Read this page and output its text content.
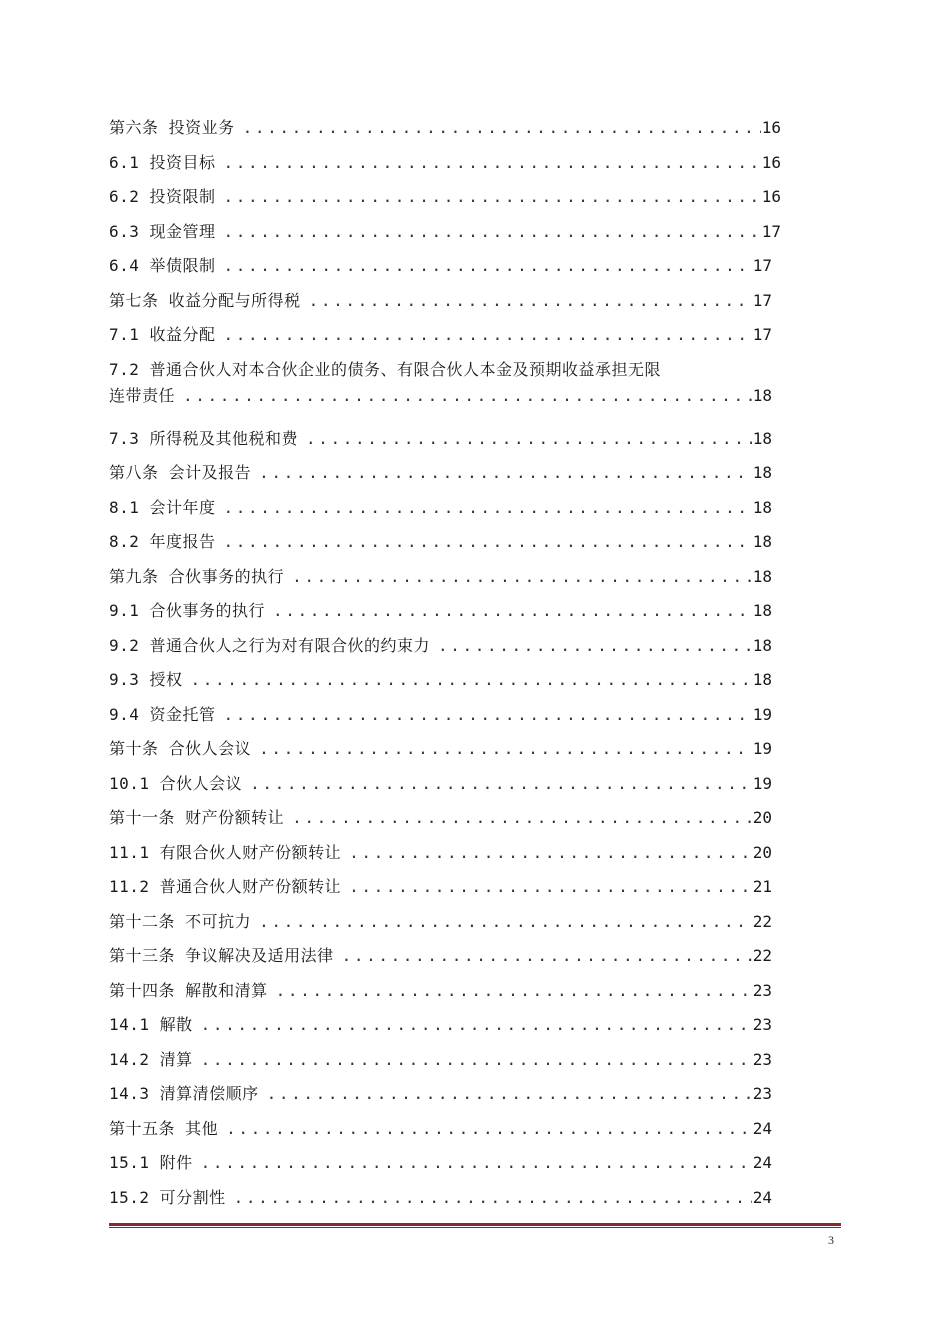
第六条 投资业务 .....	16
6.1 投资目标 .....	16
6.2 投资限制 .....	16
6.3 现金管理 .....	17
6.4 举债限制 .....	17
第七条 收益分配与所得税 .....	17
7.1 收益分配 .....	17
7.2 普通合伙人对本合伙企业的债务、有限合伙人本金及预期收益承担无限
连带责任 .....	18
7.3 所得税及其他税和费 .....	18
第八条 会计及报告 .....	18
8.1 会计年度 .....	18
8.2 年度报告 .....	18
第九条 合伙事务的执行 .....	18
9.1 合伙事务的执行 .....	18
9.2 普通合伙人之行为对有限合伙的约束力 .....	18
9.3 授权 .....	18
9.4 资金托管 .....	19
第十条 合伙人会议 .....	19
10.1 合伙人会议 .....	19
第十一条 财产份额转让 .....	20
11.1 有限合伙人财产份额转让 .....	20
11.2 普通合伙人财产份额转让 .....	21
第十二条 不可抗力 .....	22
第十三条 争议解决及适用法律 .....	22
第十四条 解散和清算 .....	23
14.1 解散 .....	23
14.2 清算 .....	23
14.3 清算清偿顺序 .....	23
第十五条 其他 .....	24
15.1 附件 .....	24
15.2 可分割性 .....	24
3
